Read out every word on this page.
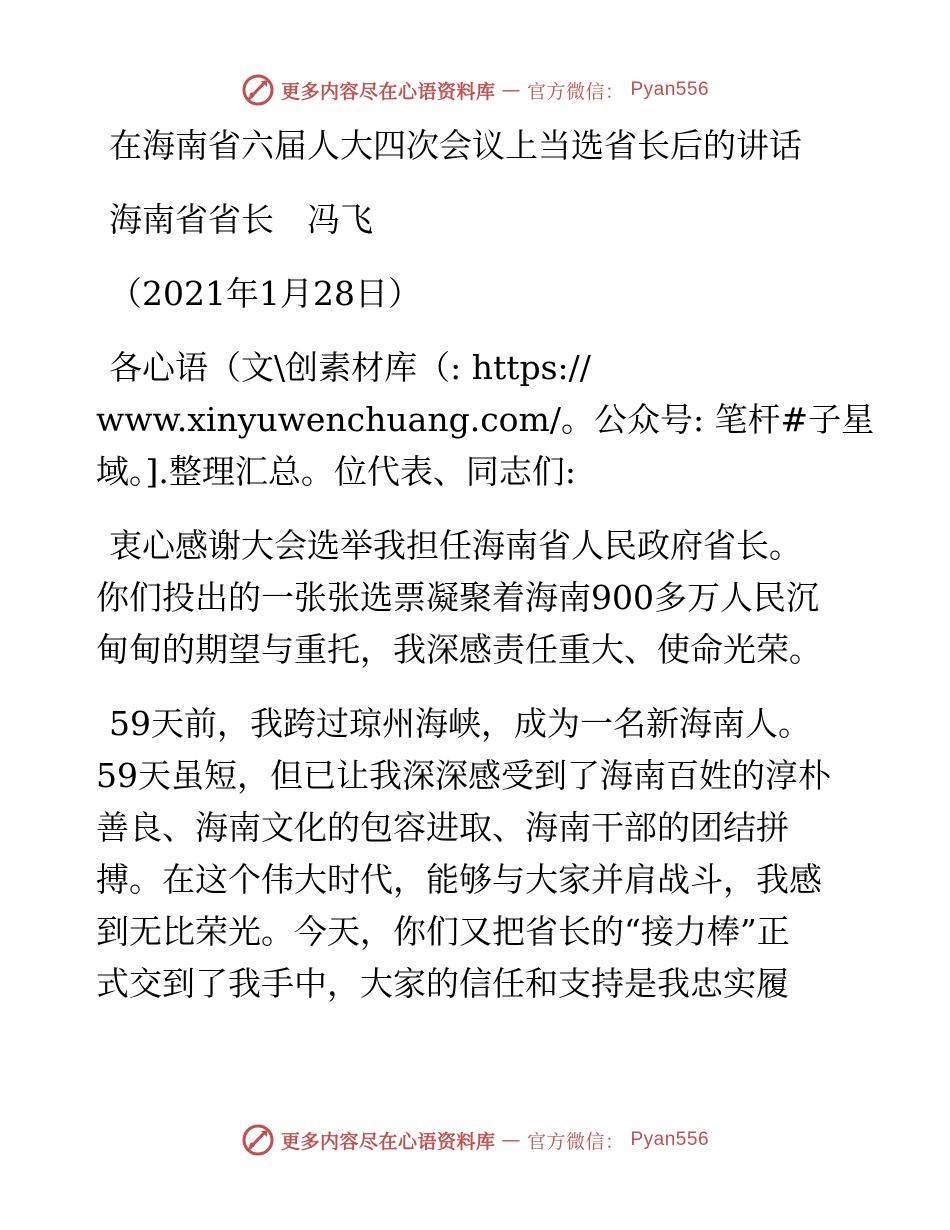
更多内容尽在心语资料库 — 官方微信： Pyan556
在海南省六届人大四次会议上当选省长后的讲话
海南省省长　冯飞
（2021年1月28日）
各心语（文\创素材库（: https://
www.xinyuwenchuang.com/。公众号: 笔杆#子星
域。].整理汇总。位代表、同志们:
衷心感谢大会选举我担任海南省人民政府省长。
你们投出的一张张选票凝聚着海南900多万人民沉
甸甸的期望与重托，我深感责任重大、使命光荣。
59天前，我跨过琼州海峡，成为一名新海南人。
59天虽短，但已让我深深感受到了海南百姓的淳朴
善良、海南文化的包容进取、海南干部的团结拼
搏。在这个伟大时代，能够与大家并肩战斗，我感
到无比荣光。今天，你们又把省长的“接力棒”正
式交到了我手中，大家的信任和支持是我忠实履
更多内容尽在心语资料库 — 官方微信： Pyan556
